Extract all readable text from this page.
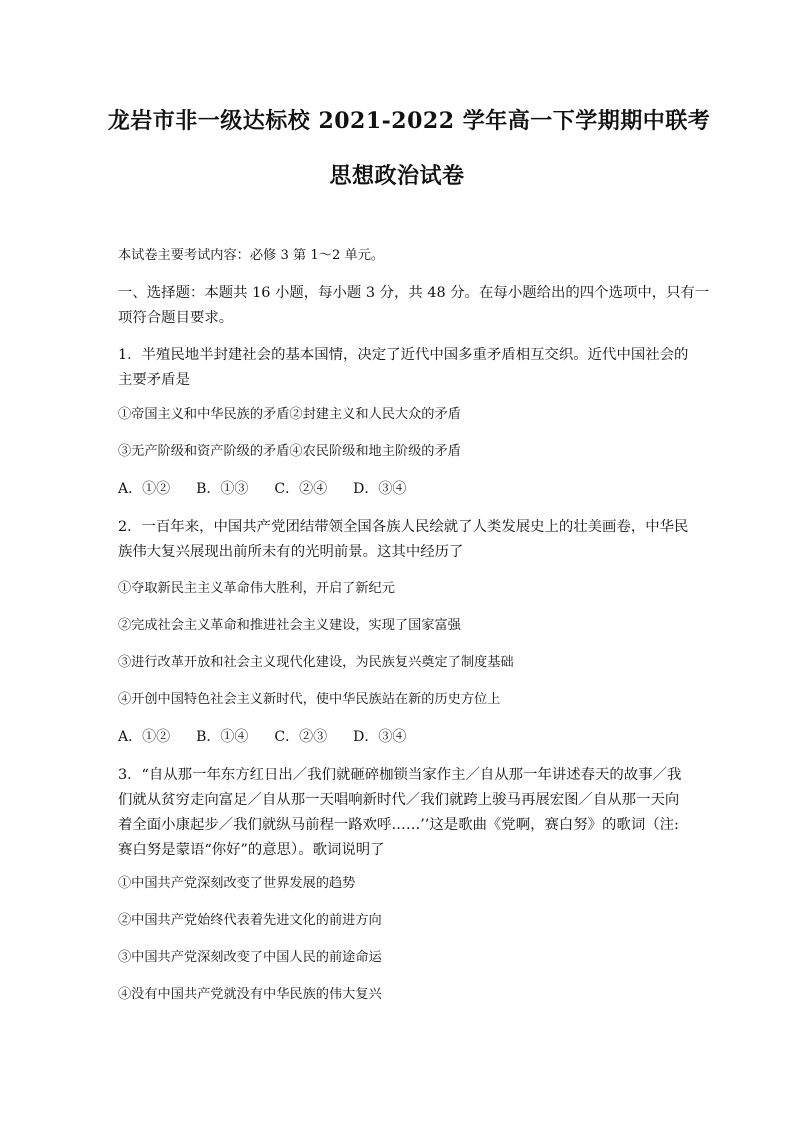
龙岩市非一级达标校 2021-2022 学年高一下学期期中联考
思想政治试卷
本试卷主要考试内容：必修 3 第 1～2 单元。
一、选择题：本题共 16 小题，每小题 3 分，共 48 分。在每小题给出的四个选项中，只有一
项符合题目要求。
1．半殖民地半封建社会的基本国情，决定了近代中国多重矛盾相互交织。近代中国社会的
主要矛盾是
①帝国主义和中华民族的矛盾②封建主义和人民大众的矛盾
③无产阶级和资产阶级的矛盾④农民阶级和地主阶级的矛盾
A．①② B．①③ C．②④ D．③④
2．一百年来，中国共产党团结带领全国各族人民绘就了人类发展史上的壮美画卷，中华民
族伟大复兴展现出前所未有的光明前景。这其中经历了
①夺取新民主主义革命伟大胜利，开启了新纪元
②完成社会主义革命和推进社会主义建设，实现了国家富强
③进行改革开放和社会主义现代化建设，为民族复兴奠定了制度基础
④开创中国特色社会主义新时代，使中华民族站在新的历史方位上
A．①② B．①④ C．②③ D．③④
3．“自从那一年东方红日出／我们就砸碎枷锁当家作主／自从那一年讲述春天的故事／我
们就从贫穷走向富足／自从那一天唱响新时代／我们就跨上骏马再展宏图／自从那一天向
着全面小康起步／我们就纵马前程一路欢呼……’’这是歌曲《党啊，赛白努》的歌词（注:
赛白努是蒙语“你好”的意思）。歌词说明了
①中国共产党深刻改变了世界发展的趋势
②中国共产党始终代表着先进文化的前进方向
③中国共产党深刻改变了中国人民的前途命运
④没有中国共产党就没有中华民族的伟大复兴
